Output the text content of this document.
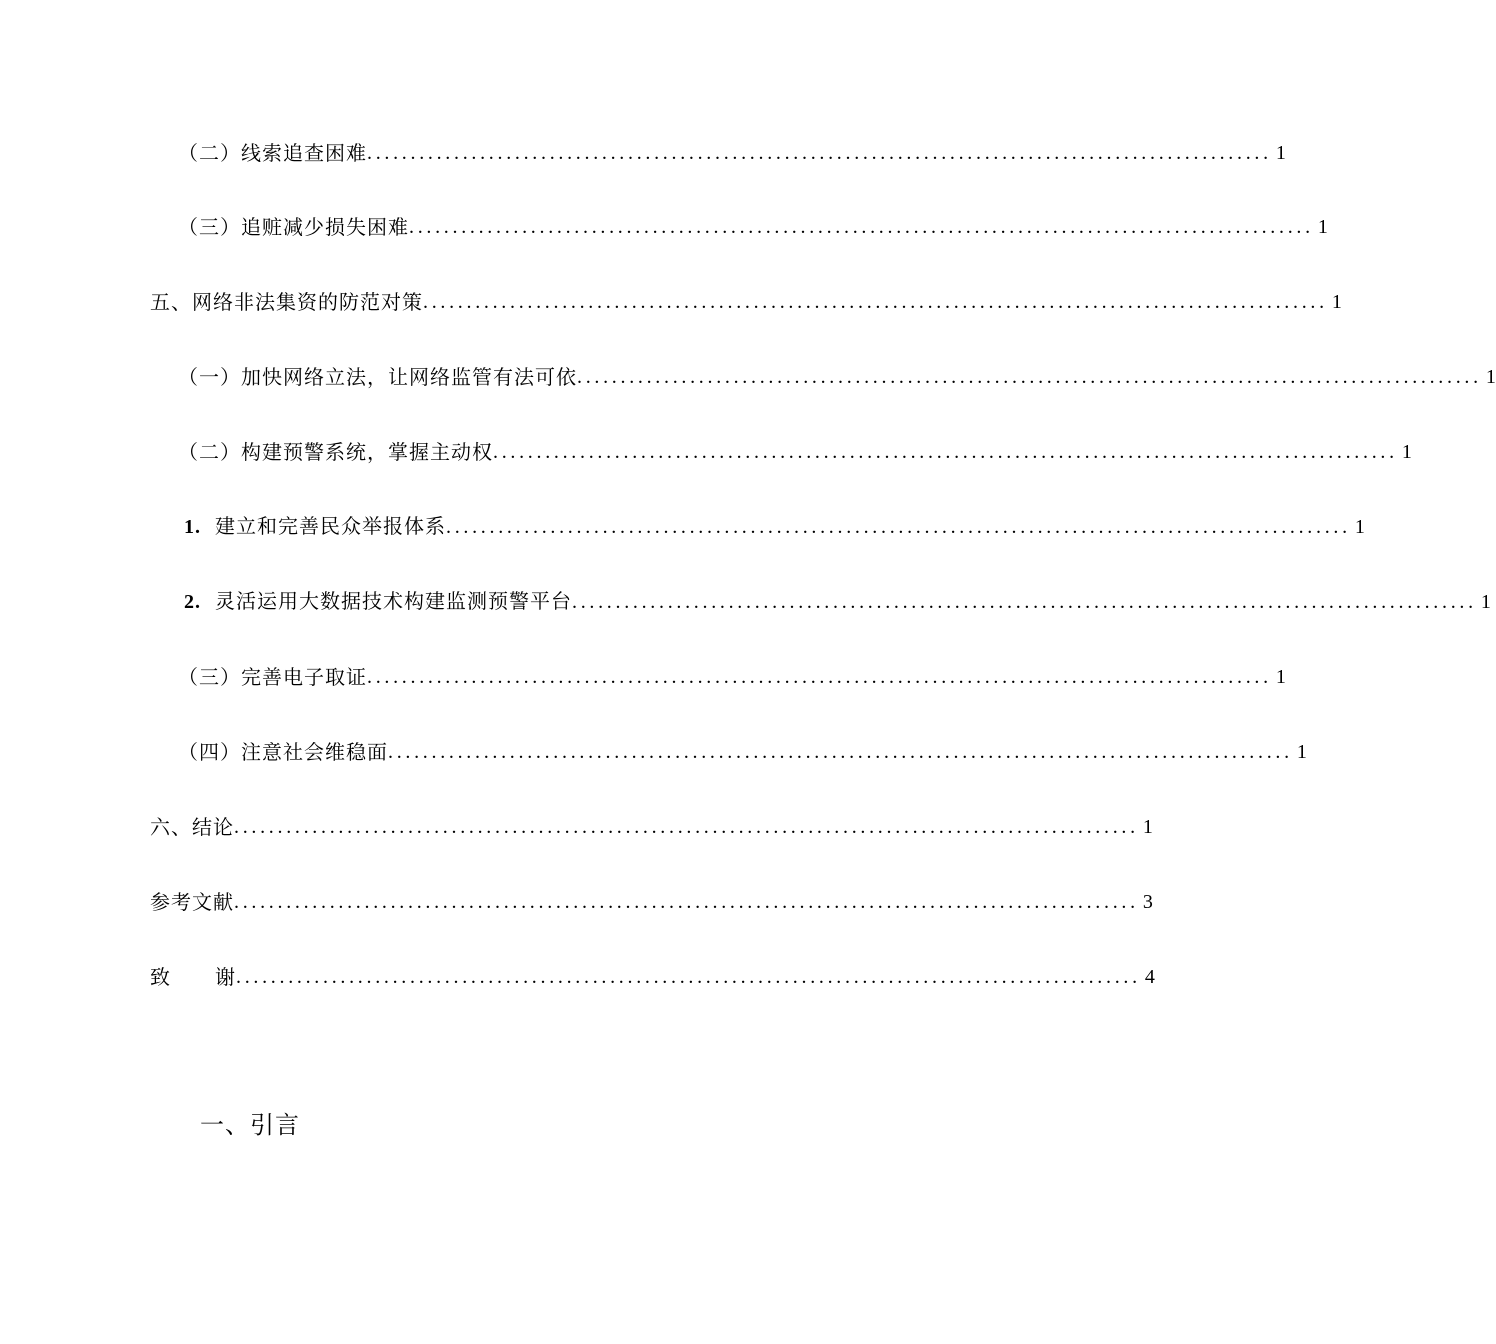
（二）线索追查困难 ........................................................................................................ 1
（三）追赃减少损失困难 ........................................................................................................ 1
五、网络非法集资的防范对策 ........................................................................................................ 1
（一）加快网络立法，让网络监管有法可依 ........................................................................................................ 1
（二）构建预警系统，掌握主动权 ........................................................................................................ 1
1. 建立和完善民众举报体系 ........................................................................................................ 1
2. 灵活运用大数据技术构建监测预警平台 ........................................................................................................ 1
（三）完善电子取证 ........................................................................................................ 1
（四）注意社会维稳面 ........................................................................................................ 1
六、结论 ........................................................................................................ 1
参考文献 ........................................................................................................ 3
致 谢 ........................................................................................................ 4
一、引言
